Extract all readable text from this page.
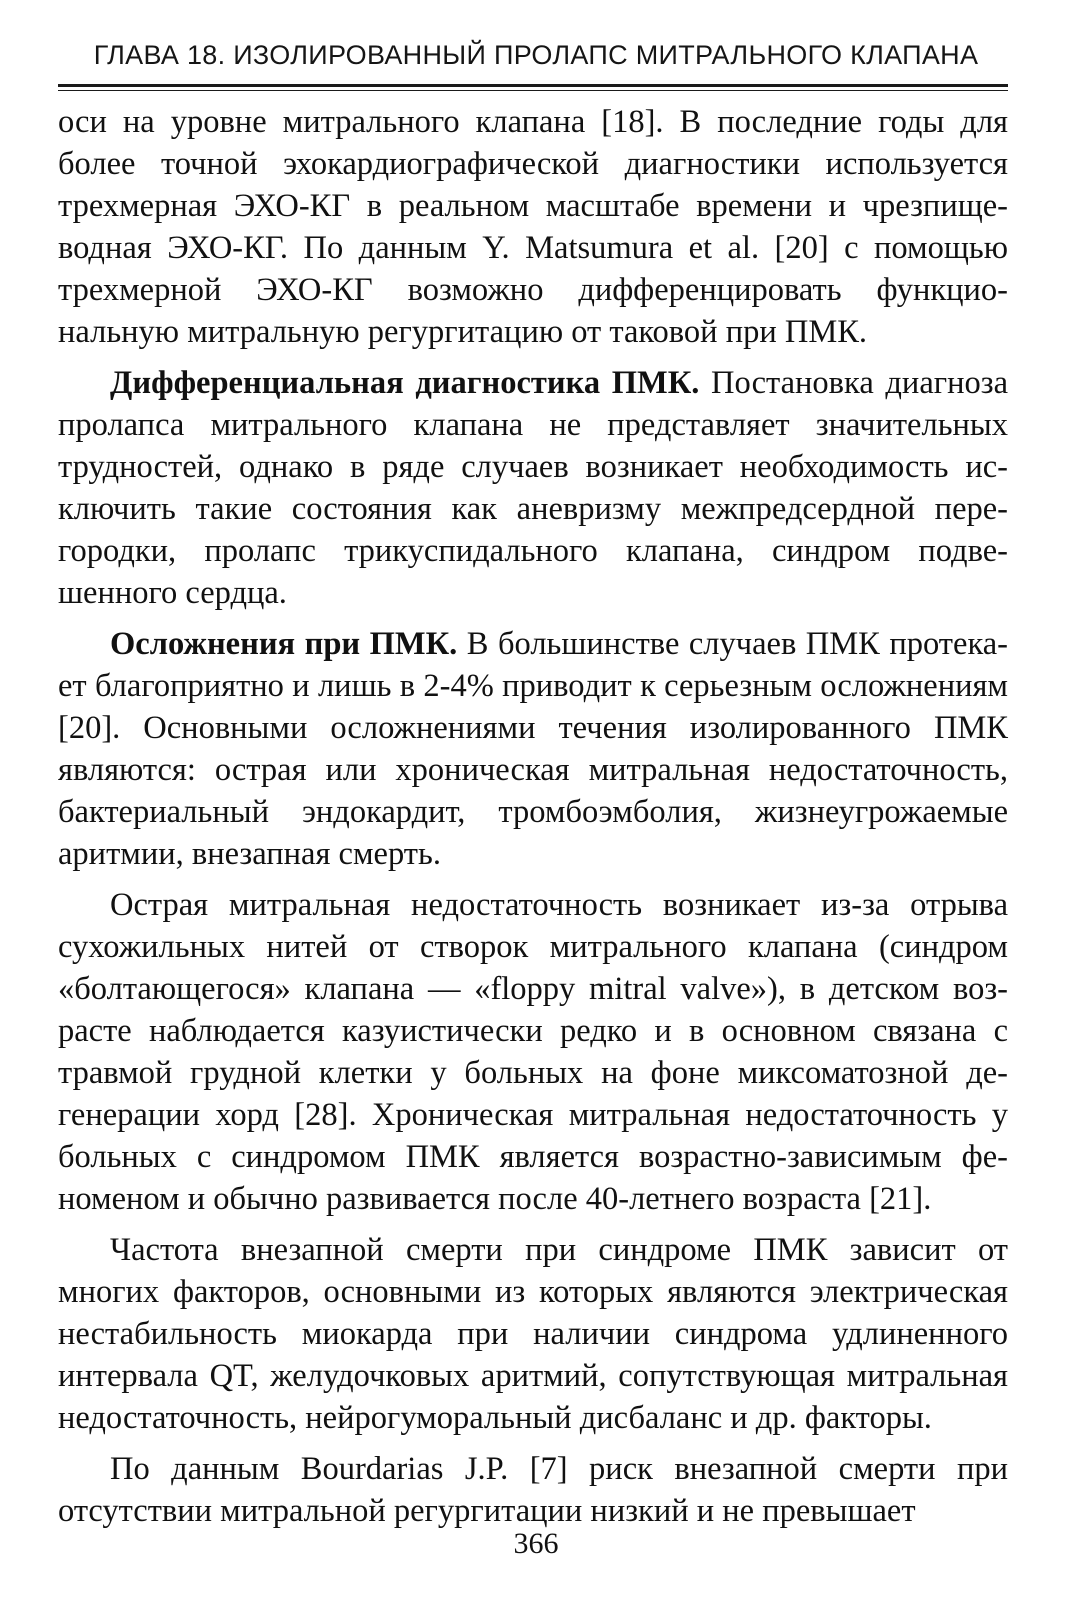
ГЛАВА 18. ИЗОЛИРОВАННЫЙ ПРОЛАПС МИТРАЛЬНОГО КЛАПАНА

оси на уровне митрального клапана [18]. В последние годы для более точной эхокардиографической диагностики используется трехмерная ЭХО-КГ в реальном масштабе времени и чрезпищеводная ЭХО-КГ. По данным Y. Matsumura et al. [20] с помощью трехмерной ЭХО-КГ возможно дифференцировать функциональную митральную регургитацию от таковой при ПМК.

Дифференциальная диагностика ПМК. Постановка диагноза пролапса митрального клапана не представляет значительных трудностей, однако в ряде случаев возникает необходимость исключить такие состояния как аневризму межпредсердной перегородки, пролапс трикуспидального клапана, синдром подвешенного сердца.

Осложнения при ПМК. В большинстве случаев ПМК протекает благоприятно и лишь в 2-4% приводит к серьезным осложнениям [20]. Основными осложнениями течения изолированного ПМК являются: острая или хроническая митральная недостаточность, бактериальный эндокардит, тромбоэмболия, жизнеугрожаемые аритмии, внезапная смерть.

Острая митральная недостаточность возникает из-за отрыва сухожильных нитей от створок митрального клапана (синдром «болтающегося» клапана — «floppy mitral valve»), в детском возрасте наблюдается казуистически редко и в основном связана с травмой грудной клетки у больных на фоне миксоматозной дегенерации хорд [28]. Хроническая митральная недостаточность у больных с синдромом ПМК является возрастно-зависимым феноменом и обычно развивается после 40-летнего возраста [21].

Частота внезапной смерти при синдроме ПМК зависит от многих факторов, основными из которых являются электрическая нестабильность миокарда при наличии синдрома удлиненного интервала QT, желудочковых аритмий, сопутствующая митральная недостаточность, нейрогуморальный дисбаланс и др. факторы.

По данным Bourdarias J.P. [7] риск внезапной смерти при отсутствии митральной регургитации низкий и не превышает

366
